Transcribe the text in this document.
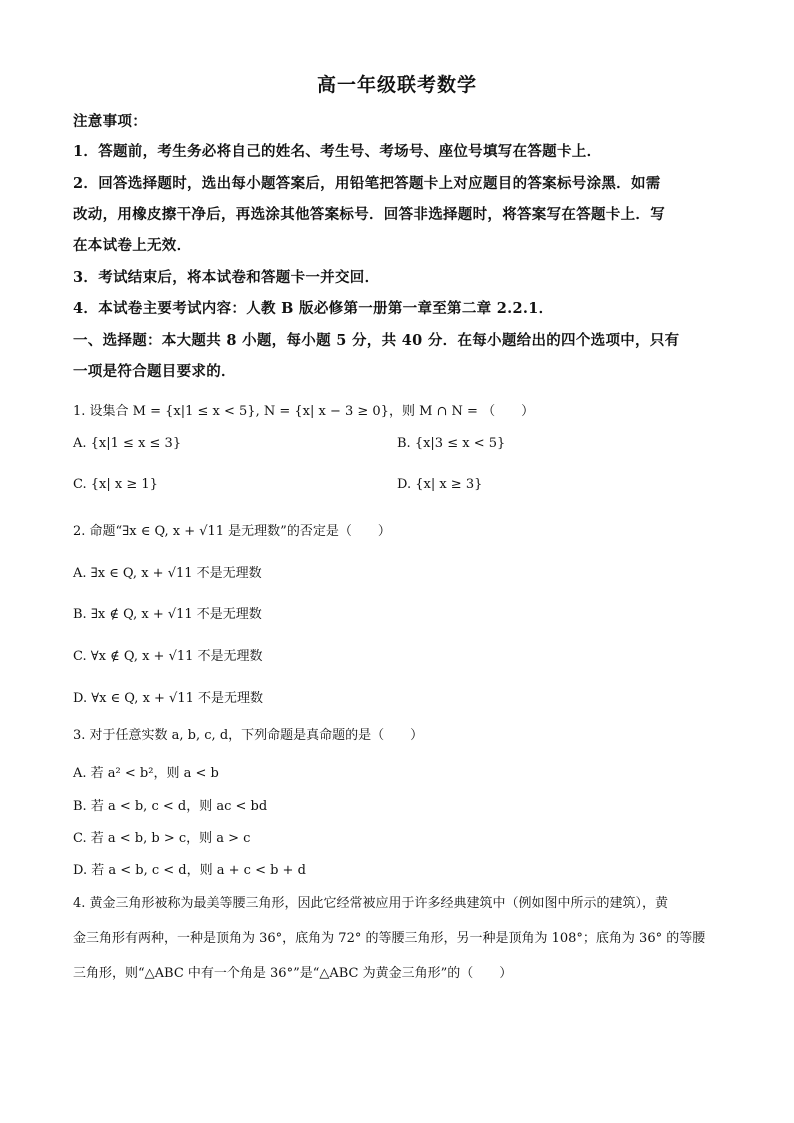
高一年级联考数学
注意事项：
1．答题前，考生务必将自己的姓名、考生号、考场号、座位号填写在答题卡上．
2．回答选择题时，选出每小题答案后，用铅笔把答题卡上对应题目的答案标号涂黑．如需
改动，用橡皮擦干净后，再选涂其他答案标号．回答非选择题时，将答案写在答题卡上．写
在本试卷上无效．
3．考试结束后，将本试卷和答题卡一并交回．
4．本试卷主要考试内容：人教 B 版必修第一册第一章至第二章 2.2.1．
一、选择题：本大题共 8 小题，每小题 5 分，共 40 分．在每小题给出的四个选项中，只有
一项是符合题目要求的．
1. 设集合 M = {x|1 ≤ x < 5}, N = {x| x − 3 ≥ 0}，则 M ∩ N = （　　）
A. {x|1 ≤ x ≤ 3}	B. {x|3 ≤ x < 5}
C. {x| x ≥ 1}	D. {x| x ≥ 3}
2. 命题“∃x ∈ Q, x + √11 是无理数”的否定是（　　）
A. ∃x ∈ Q, x + √11 不是无理数
B. ∃x ∉ Q, x + √11 不是无理数
C. ∀x ∉ Q, x + √11 不是无理数
D. ∀x ∈ Q, x + √11 不是无理数
3. 对于任意实数 a, b, c, d，下列命题是真命题的是（　　）
A. 若 a² < b²，则 a < b
B. 若 a < b, c < d，则 ac < bd
C. 若 a < b, b > c，则 a > c
D. 若 a < b, c < d，则 a + c < b + d
4. 黄金三角形被称为最美等腰三角形，因此它经常被应用于许多经典建筑中（例如图中所示的建筑），黄
金三角形有两种，一种是顶角为 36°，底角为 72° 的等腰三角形，另一种是顶角为 108°；底角为 36° 的等腰
三角形，则“△ABC 中有一个角是 36°”是“△ABC 为黄金三角形”的（　　）
